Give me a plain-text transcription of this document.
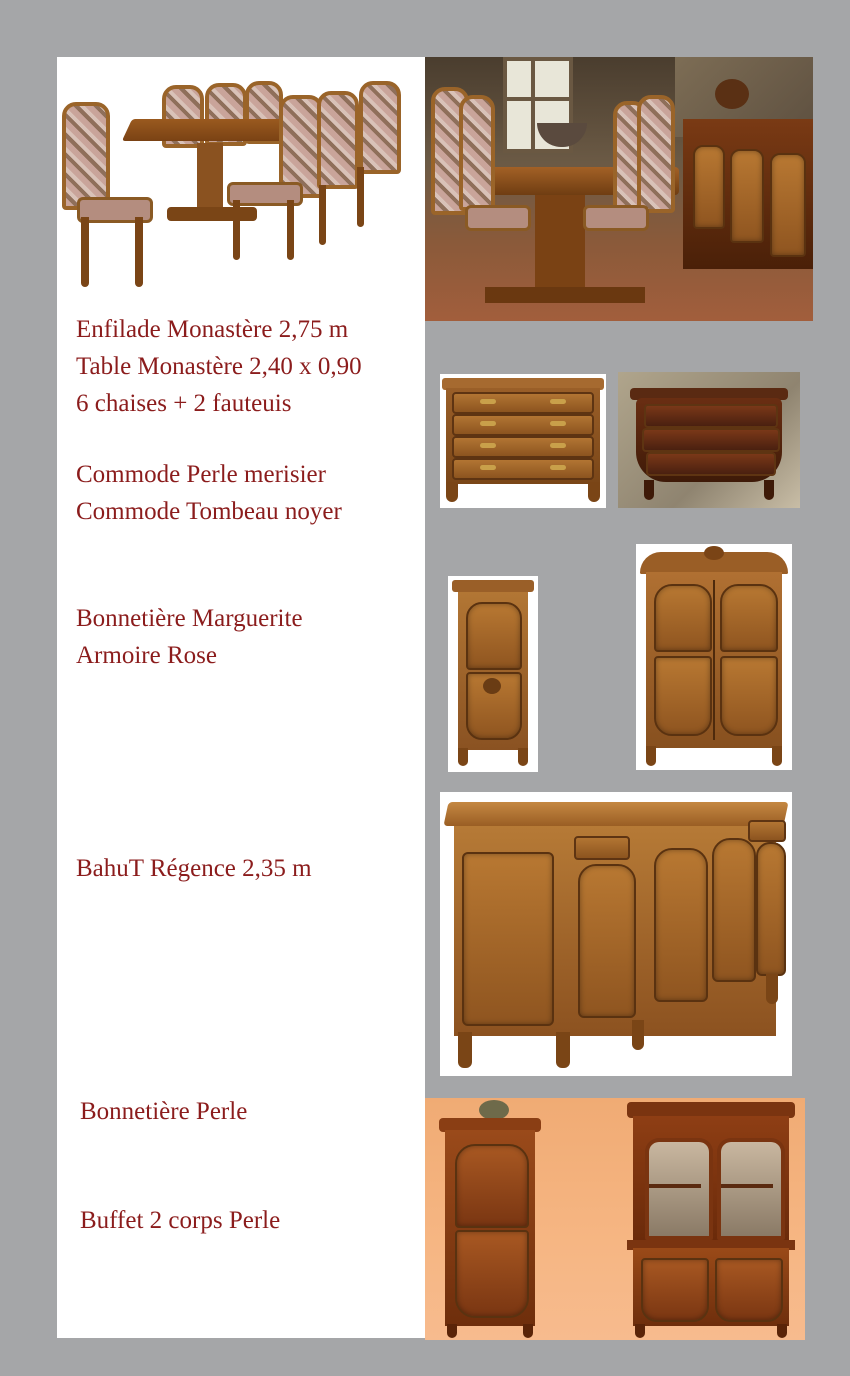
Enfilade Monastère 2,75 m
Table Monastère 2,40 x 0,90
6 chaises + 2 fauteuis
Commode Perle merisier
Commode Tombeau noyer
Bonnetière Marguerite
Armoire Rose
BahuT Régence 2,35 m
Bonnetière Perle
Buffet 2 corps Perle
